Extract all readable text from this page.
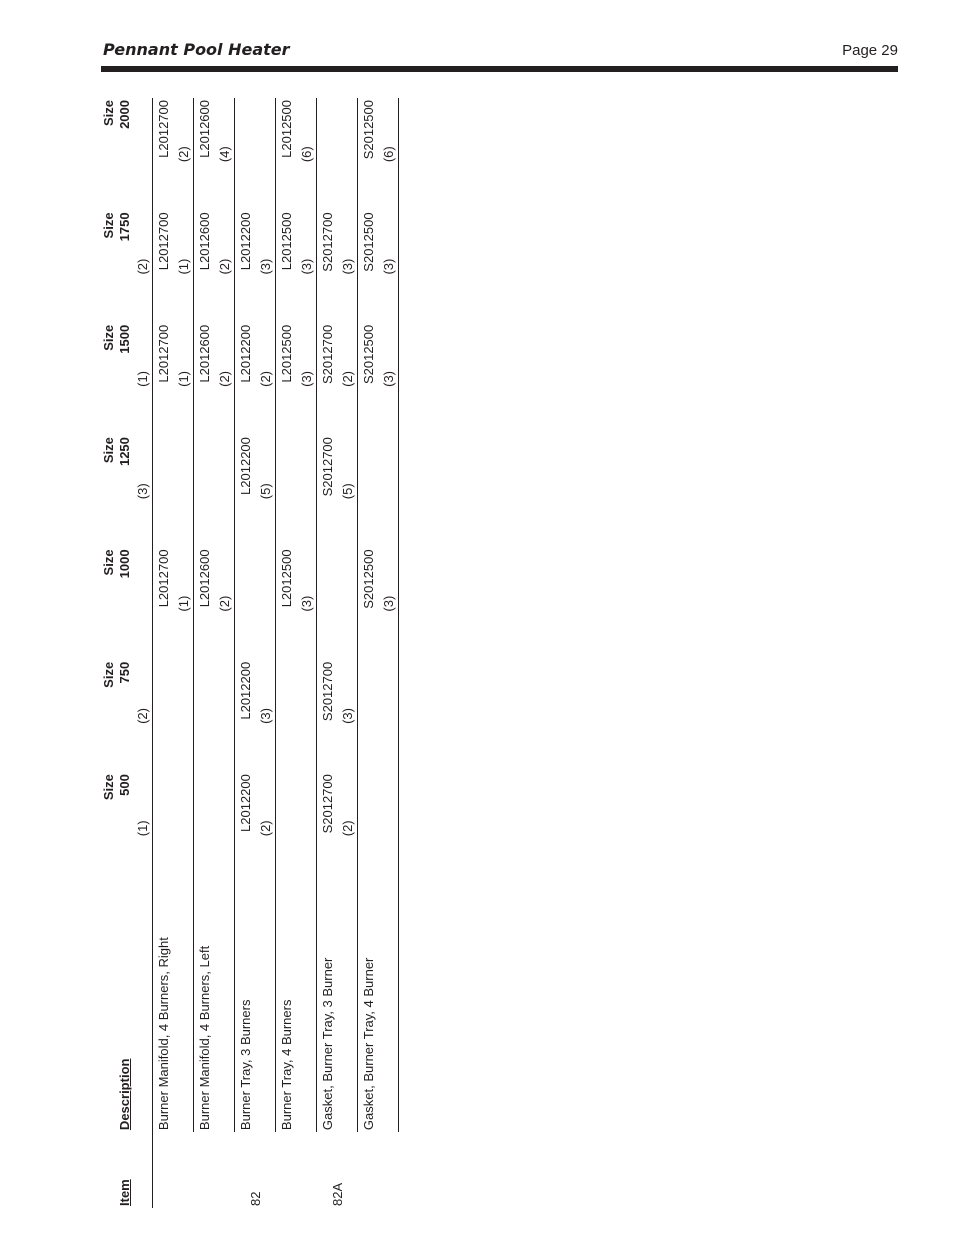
Pennant Pool Heater	Page 29
		Size	Size	Size	Size	Size	Size	Size
Item	Description	500	750	1000	1250	1500	1750	2000
		(1)	(2)		(3)	(1)	(2)	
	Burner Manifold, 4 Burners, Right			L2012700		L2012700	L2012700	L2012700
				(1)		(1)	(1)	(2)
	Burner Manifold, 4 Burners, Left			L2012600		L2012600	L2012600	L2012600
				(2)		(2)	(2)	(4)
82	Burner Tray, 3 Burners	L2012200	L2012200		L2012200	L2012200	L2012200	
		(2)	(3)		(5)	(2)	(3)	
	Burner Tray, 4 Burners			L2012500		L2012500	L2012500	L2012500
				(3)		(3)	(3)	(6)
82A	Gasket, Burner Tray, 3 Burner	S2012700	S2012700		S2012700	S2012700	S2012700	
		(2)	(3)		(5)	(2)	(3)	
	Gasket, Burner Tray, 4 Burner			S2012500		S2012500	S2012500	S2012500
				(3)		(3)	(3)	(6)
